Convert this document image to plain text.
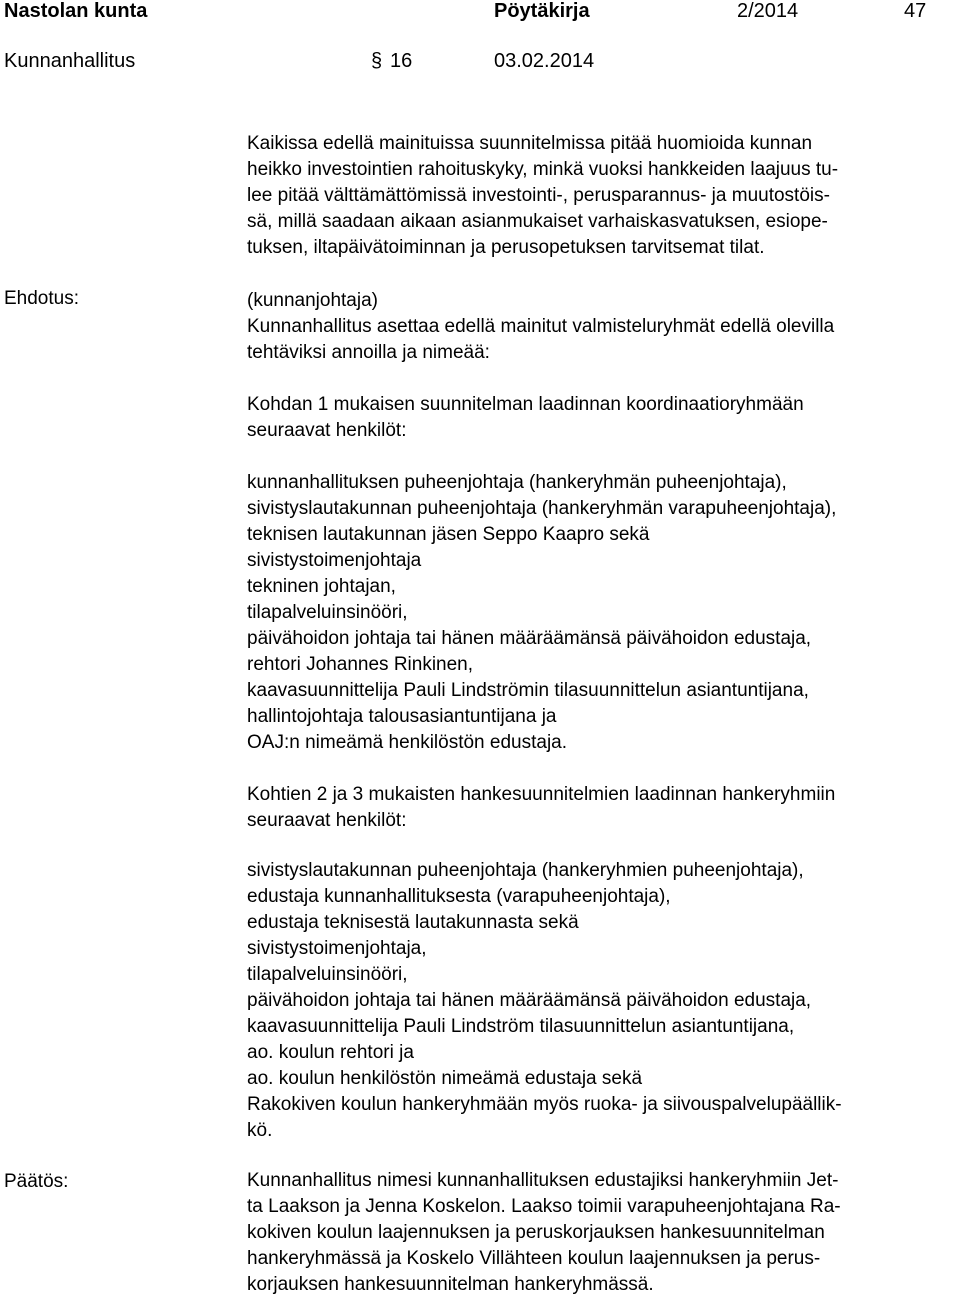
Nastolan kunta	Pöytäkirja	2/2014	47
Kunnanhallitus	§ 16	03.02.2014
Kaikissa edellä mainituissa suunnitelmissa pitää huomioida kunnan
heikko investointien rahoituskyky, minkä vuoksi hankkeiden laajuus tu-
lee pitää välttämättömissä investointi-, perusparannus- ja muutostöis-
sä, millä saadaan aikaan asianmukaiset varhaiskasvatuksen, esiope-
tuksen, iltapäivätoiminnan ja perusopetuksen tarvitsemat tilat.
Ehdotus:	(kunnanjohtaja)
Kunnanhallitus asettaa edellä mainitut valmisteluryhmät edellä olevilla
tehtäviksi annoilla ja nimeää:
Kohdan 1 mukaisen suunnitelman laadinnan koordinaatioryhmään
seuraavat henkilöt:
kunnanhallituksen puheenjohtaja (hankeryhmän puheenjohtaja),
sivistyslautakunnan puheenjohtaja (hankeryhmän varapuheenjohtaja),
teknisen lautakunnan jäsen Seppo Kaapro sekä
sivistystoimenjohtaja
tekninen johtajan,
tilapalveluinsinööri,
päivähoidon johtaja tai hänen määräämänsä päivähoidon edustaja,
rehtori Johannes Rinkinen,
kaavasuunnittelija Pauli Lindströmin tilasuunnittelun asiantuntijana,
hallintojohtaja talousasiantuntijana ja
OAJ:n nimeämä henkilöstön edustaja.
Kohtien 2 ja 3 mukaisten hankesuunnitelmien laadinnan hankeryhmiin
seuraavat henkilöt:
sivistyslautakunnan puheenjohtaja (hankeryhmien puheenjohtaja),
edustaja kunnanhallituksesta (varapuheenjohtaja),
edustaja teknisestä lautakunnasta sekä
sivistystoimenjohtaja,
tilapalveluinsinööri,
päivähoidon johtaja tai hänen määräämänsä päivähoidon edustaja,
kaavasuunnittelija Pauli Lindström tilasuunnittelun asiantuntijana,
ao. koulun rehtori ja
ao. koulun henkilöstön nimeämä edustaja sekä
Rakokiven koulun hankeryhmään myös ruoka- ja siivouspalvelupäällik-
kö.
Päätös:	Kunnanhallitus nimesi kunnanhallituksen edustajiksi hankeryhmiin Jet-
ta Laakson ja Jenna Koskelon. Laakso toimii varapuheenjohtajana Ra-
kokiven koulun laajennuksen ja peruskorjauksen hankesuunnitelman
hankeryhmässä ja Koskelo Villähteen koulun laajennuksen ja perus-
korjauksen hankesuunnitelman hankeryhmässä.
